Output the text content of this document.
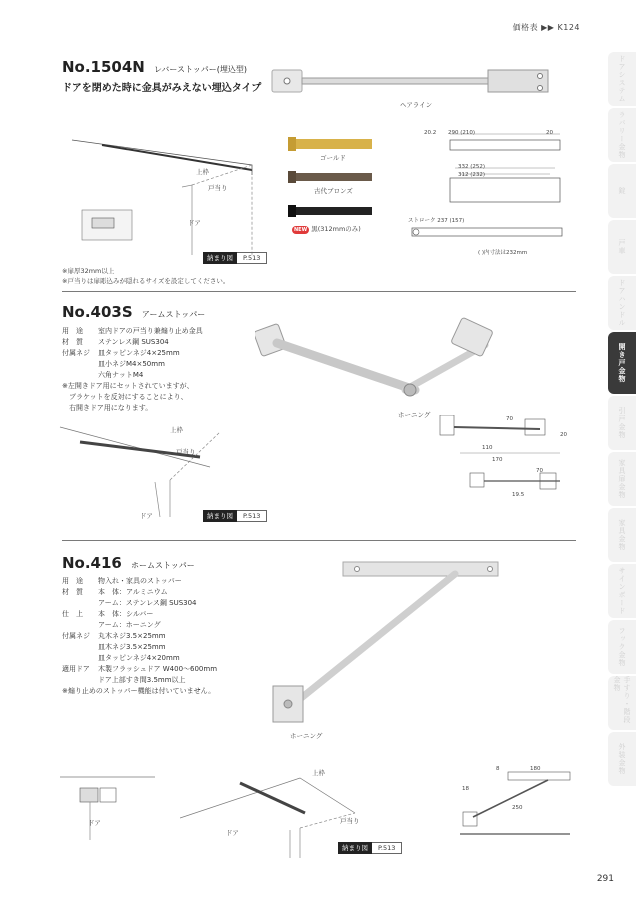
価格表 ▶▶ K124
No.1504N レバーストッパー(埋込型)
ドアを閉めた時に金具がみえない埋込タイプ
ヘアライン
上枠
戸当り
ドア
納まり図	P.513
※扉厚32mm以上
※戸当りは扉彫込みが隠れるサイズを設定してください。
ゴールド
古代ブロンズ
NEW 黒(312mmのみ)
290 (210)
20.2	20
332 (252)
312 (232)
ストローク 237 (157)
( )内寸法は232mm
No.403S アームストッパー
用　途	室内ドアの戸当り兼煽り止め金具
材　質	ステンレス鋼 SUS304
付属ネジ	皿タッピンネジ4×25mm
皿小ネジM4×50mm
六角ナットM4
※左開きドア用にセットされていますが、
　ブラケットを反対にすることにより、
　右開きドア用になります。
ホーニング
上枠
戸当り
ドア	納まり図	P.513
70
110
170
20
70
19.5
No.416 ホームストッパー
用　途	物入れ・家具のストッパー
材　質	本　体：アルミニウム
アーム：ステンレス鋼 SUS304
仕　上	本　体：シルバー
アーム：ホーニング
付属ネジ	丸木ネジ3.5×25mm
皿木ネジ3.5×25mm
皿タッピンネジ4×20mm
適用ドア	木製フラッシュドア W400～600mm
ドア上部すき間3.5mm以上
※煽り止めのストッパー機能は付いていません。
ホーニング
上枠
戸当り
ドア
ドア
納まり図	P.513
180
8
18
250
ドアシステム
ラバリー金物
錠
戸車
ドアハンドル
開き戸金物
引戸金物
家具扉金物
家具金物
サインボード
フック金物
手すり・階段金物
外装金物
291
